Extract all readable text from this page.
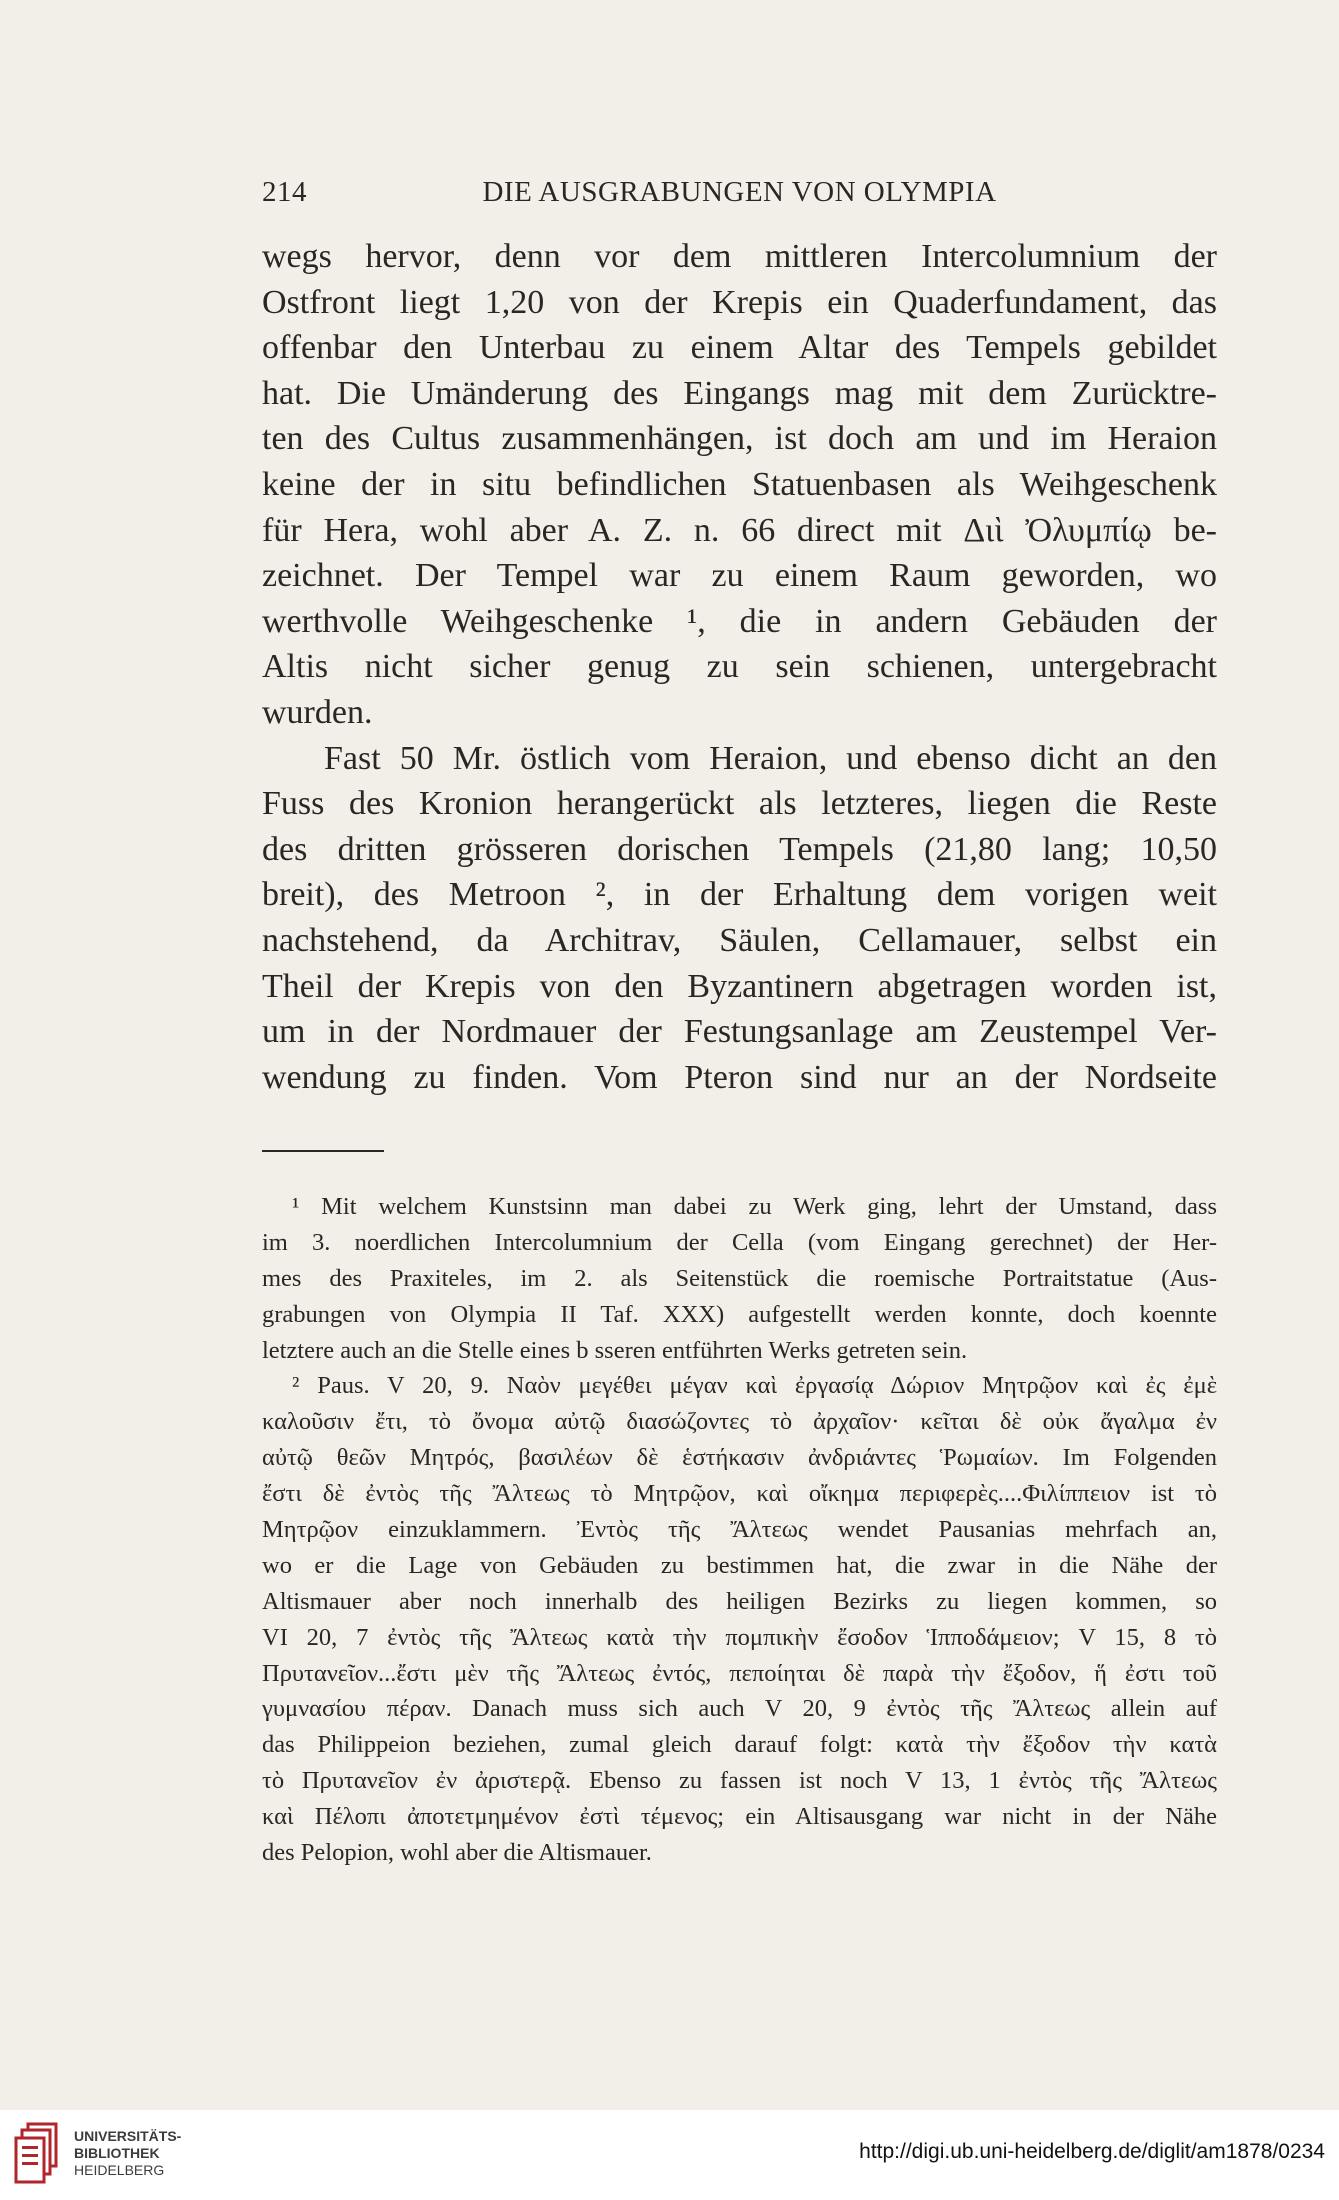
214	DIE AUSGRABUNGEN VON OLYMPIA
wegs hervor, denn vor dem mittleren Intercolumnium der
Ostfront liegt 1,20 von der Krepis ein Quaderfundament, das
offenbar den Unterbau zu einem Altar des Tempels gebildet
hat. Die Umänderung des Eingangs mag mit dem Zurücktre-
ten des Cultus zusammenhängen, ist doch am und im Heraion
keine der in situ befindlichen Statuenbasen als Weihgeschenk
für Hera, wohl aber A. Z. n. 66 direct mit Διὶ Ὀλυμπίῳ be-
zeichnet. Der Tempel war zu einem Raum geworden, wo
werthvolle Weihgeschenke ¹, die in andern Gebäuden der
Altis nicht sicher genug zu sein schienen, untergebracht
wurden.
Fast 50 Mr. östlich vom Heraion, und ebenso dicht an den
Fuss des Kronion herangerückt als letzteres, liegen die Reste
des dritten grösseren dorischen Tempels (21,80 lang; 10,50
breit), des Metroon ², in der Erhaltung dem vorigen weit
nachstehend, da Architrav, Säulen, Cellamauer, selbst ein
Theil der Krepis von den Byzantinern abgetragen worden ist,
um in der Nordmauer der Festungsanlage am Zeustempel Ver-
wendung zu finden. Vom Pteron sind nur an der Nordseite
¹ Mit welchem Kunstsinn man dabei zu Werk ging, lehrt der Umstand, dass
im 3. noerdlichen Intercolumnium der Cella (vom Eingang gerechnet) der Her-
mes des Praxiteles, im 2. als Seitenstück die roemische Portraitstatue (Aus-
grabungen von Olympia II Taf. XXX) aufgestellt werden konnte, doch koennte
letztere auch an die Stelle eines b sseren entführten Werks getreten sein.
² Paus. V 20, 9. Ναὸν μεγέθει μέγαν καὶ ἐργασίᾳ Δώριον Μητρῷον καὶ ἐς ἐμὲ
καλοῦσιν ἔτι, τὸ ὄνομα αὐτῷ διασώζοντες τὸ ἀρχαῖον· κεῖται δὲ οὐκ ἄγαλμα ἐν
αὐτῷ θεῶν Μητρός, βασιλέων δὲ ἑστήκασιν ἀνδριάντες Ῥωμαίων. Im Folgenden
ἔστι δὲ ἐντὸς τῆς Ἄλτεως τὸ Μητρῷον, καὶ οἴκημα περιφερὲς....Φιλίππειον ist τὸ
Μητρῷον einzuklammern. Ἐντὸς τῆς Ἄλτεως wendet Pausanias mehrfach an,
wo er die Lage von Gebäuden zu bestimmen hat, die zwar in die Nähe der
Altismauer aber noch innerhalb des heiligen Bezirks zu liegen kommen, so
VI 20, 7 ἐντὸς τῆς Ἄλτεως κατὰ τὴν πομπικὴν ἔσοδον Ἱπποδάμειον; V 15, 8 τὸ
Πρυτανεῖον...ἔστι μὲν τῆς Ἄλτεως ἐντός, πεποίηται δὲ παρὰ τὴν ἔξοδον, ἥ ἐστι τοῦ
γυμνασίου πέραν. Danach muss sich auch V 20, 9 ἐντὸς τῆς Ἄλτεως allein auf
das Philippeion beziehen, zumal gleich darauf folgt: κατὰ τὴν ἔξοδον τὴν κατὰ
τὸ Πρυτανεῖον ἐν ἀριστερᾷ. Ebenso zu fassen ist noch V 13, 1 ἐντὸς τῆς Ἄλτεως
καὶ Πέλοπι ἀποτετμημένον ἐστὶ τέμενος; ein Altisausgang war nicht in der Nähe
des Pelopion, wohl aber die Altismauer.
UNIVERSITÄTS-
BIBLIOTHEK
HEIDELBERG
http://digi.ub.uni-heidelberg.de/diglit/am1878/0234
